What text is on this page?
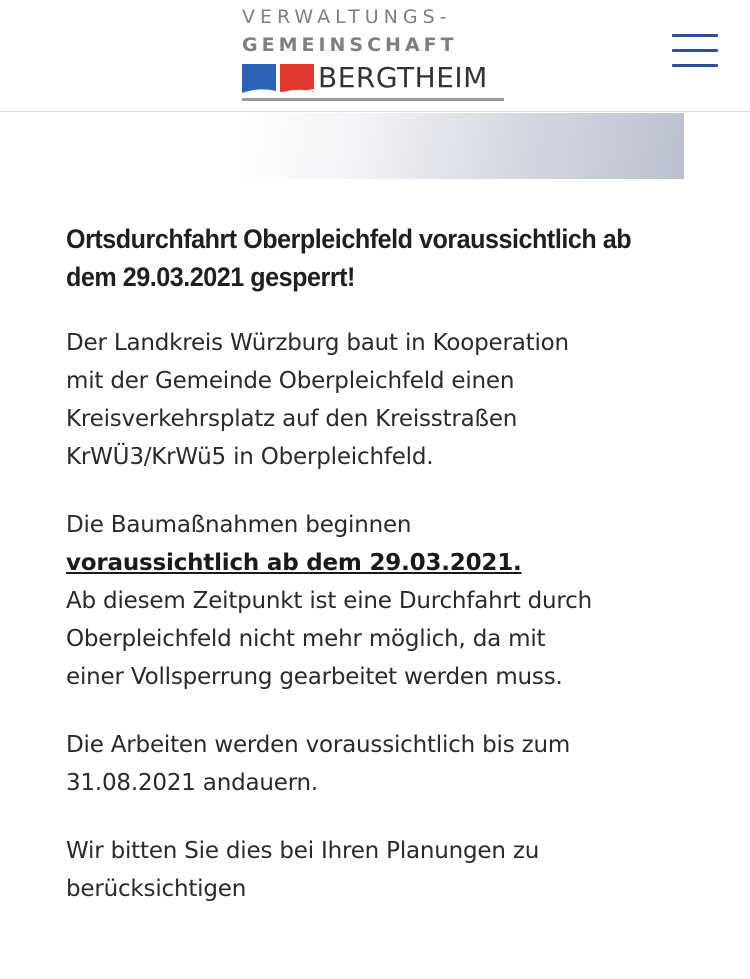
VERWALTUNGS-
GEMEINSCHAFT
BERGTHEIM
Ortsdurchfahrt Oberpleichfeld voraussichtlich ab dem 29.03.2021 gesperrt!

Der Landkreis Würzburg baut in Kooperation
mit der Gemeinde Oberpleichfeld einen
Kreisverkehrsplatz auf den Kreisstraßen
KrWÜ3/KrWü5 in Oberpleichfeld.

Die Baumaßnahmen beginnen
voraussichtlich ab dem 29.03.2021.
Ab diesem Zeitpunkt ist eine Durchfahrt durch
Oberpleichfeld nicht mehr möglich, da mit
einer Vollsperrung gearbeitet werden muss.

Die Arbeiten werden voraussichtlich bis zum
31.08.2021 andauern.

Wir bitten Sie dies bei Ihren Planungen zu
berücksichtigen
